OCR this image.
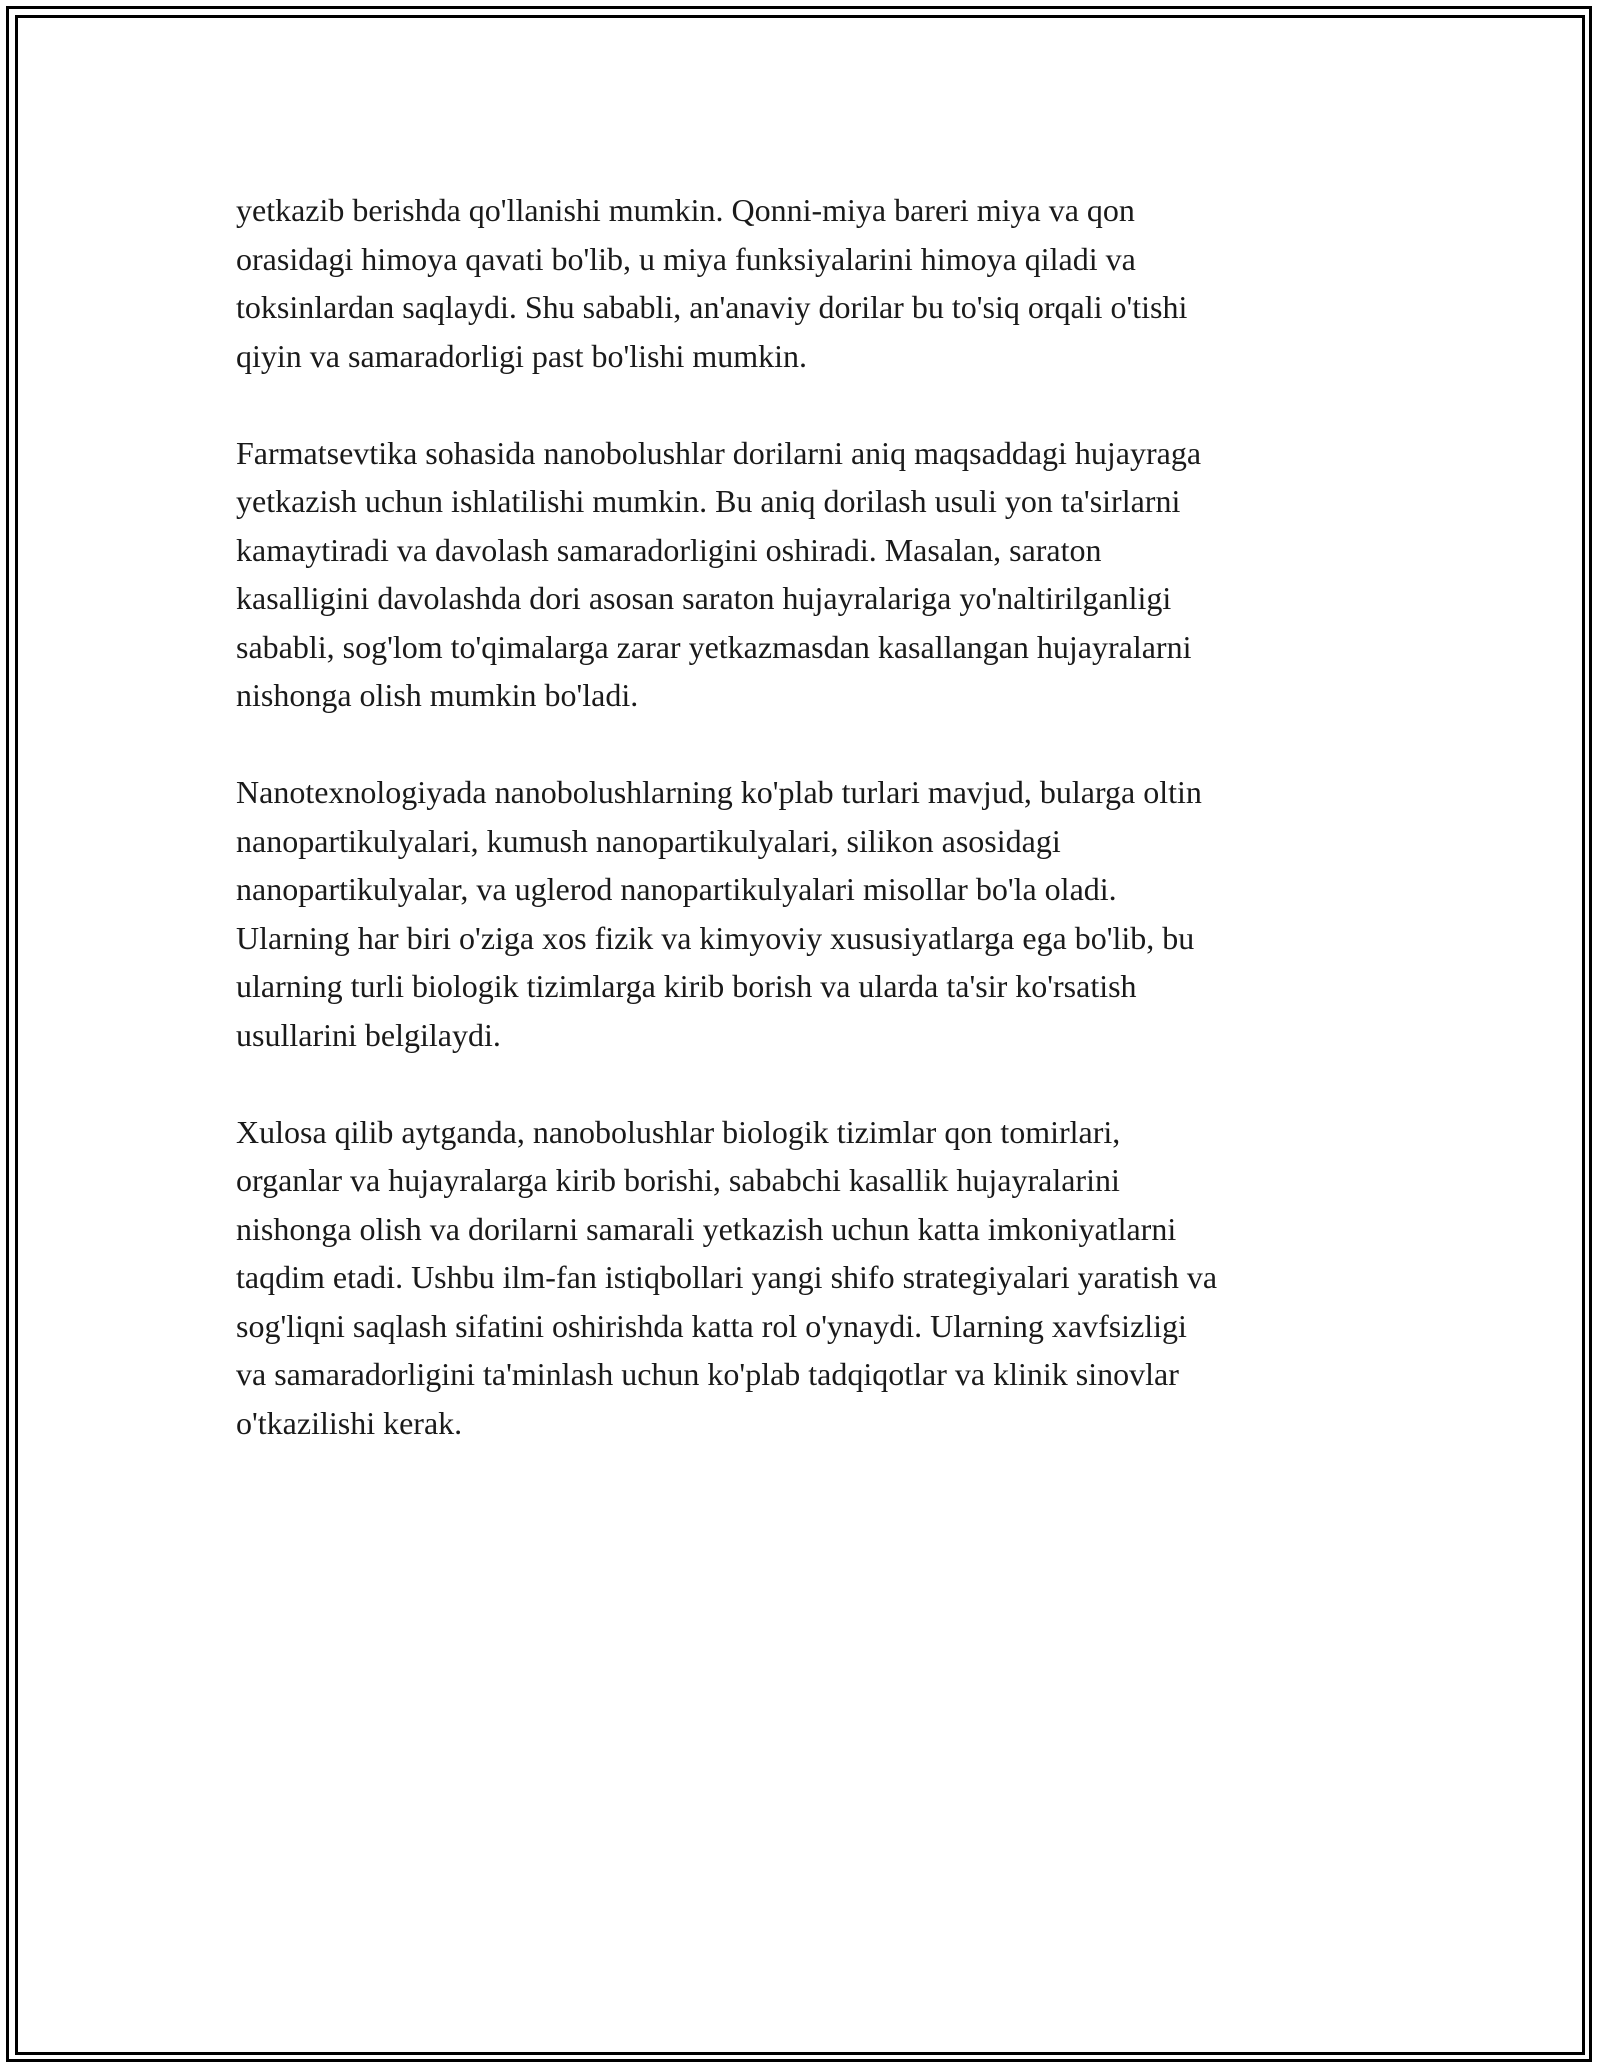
yetkazib berishda qo'llanishi mumkin. Qonni-miya bareri miya va qon
orasidagi himoya qavati bo'lib, u miya funksiyalarini himoya qiladi va
toksinlardan saqlaydi. Shu sababli, an'anaviy dorilar bu to'siq orqali o'tishi
qiyin va samaradorligi past bo'lishi mumkin.

Farmatsevtika sohasida nanobolushlar dorilarni aniq maqsaddagi hujayraga
yetkazish uchun ishlatilishi mumkin. Bu aniq dorilash usuli yon ta'sirlarni
kamaytiradi va davolash samaradorligini oshiradi. Masalan, saraton
kasalligini davolashda dori asosan saraton hujayralariga yo'naltirilganligi
sababli, sog'lom to'qimalarga zarar yetkazmasdan kasallangan hujayralarni
nishonga olish mumkin bo'ladi.

Nanotexnologiyada nanobolushlarning ko'plab turlari mavjud, bularga oltin
nanopartikulyalari, kumush nanopartikulyalari, silikon asosidagi
nanopartikulyalar, va uglerod nanopartikulyalari misollar bo'la oladi.
Ularning har biri o'ziga xos fizik va kimyoviy xususiyatlarga ega bo'lib, bu
ularning turli biologik tizimlarga kirib borish va ularda ta'sir ko'rsatish
usullarini belgilaydi.

Xulosa qilib aytganda, nanobolushlar biologik tizimlar qon tomirlari,
organlar va hujayralarga kirib borishi, sababchi kasallik hujayralarini
nishonga olish va dorilarni samarali yetkazish uchun katta imkoniyatlarni
taqdim etadi. Ushbu ilm-fan istiqbollari yangi shifo strategiyalari yaratish va
sog'liqni saqlash sifatini oshirishda katta rol o'ynaydi. Ularning xavfsizligi
va samaradorligini ta'minlash uchun ko'plab tadqiqotlar va klinik sinovlar
o'tkazilishi kerak.
